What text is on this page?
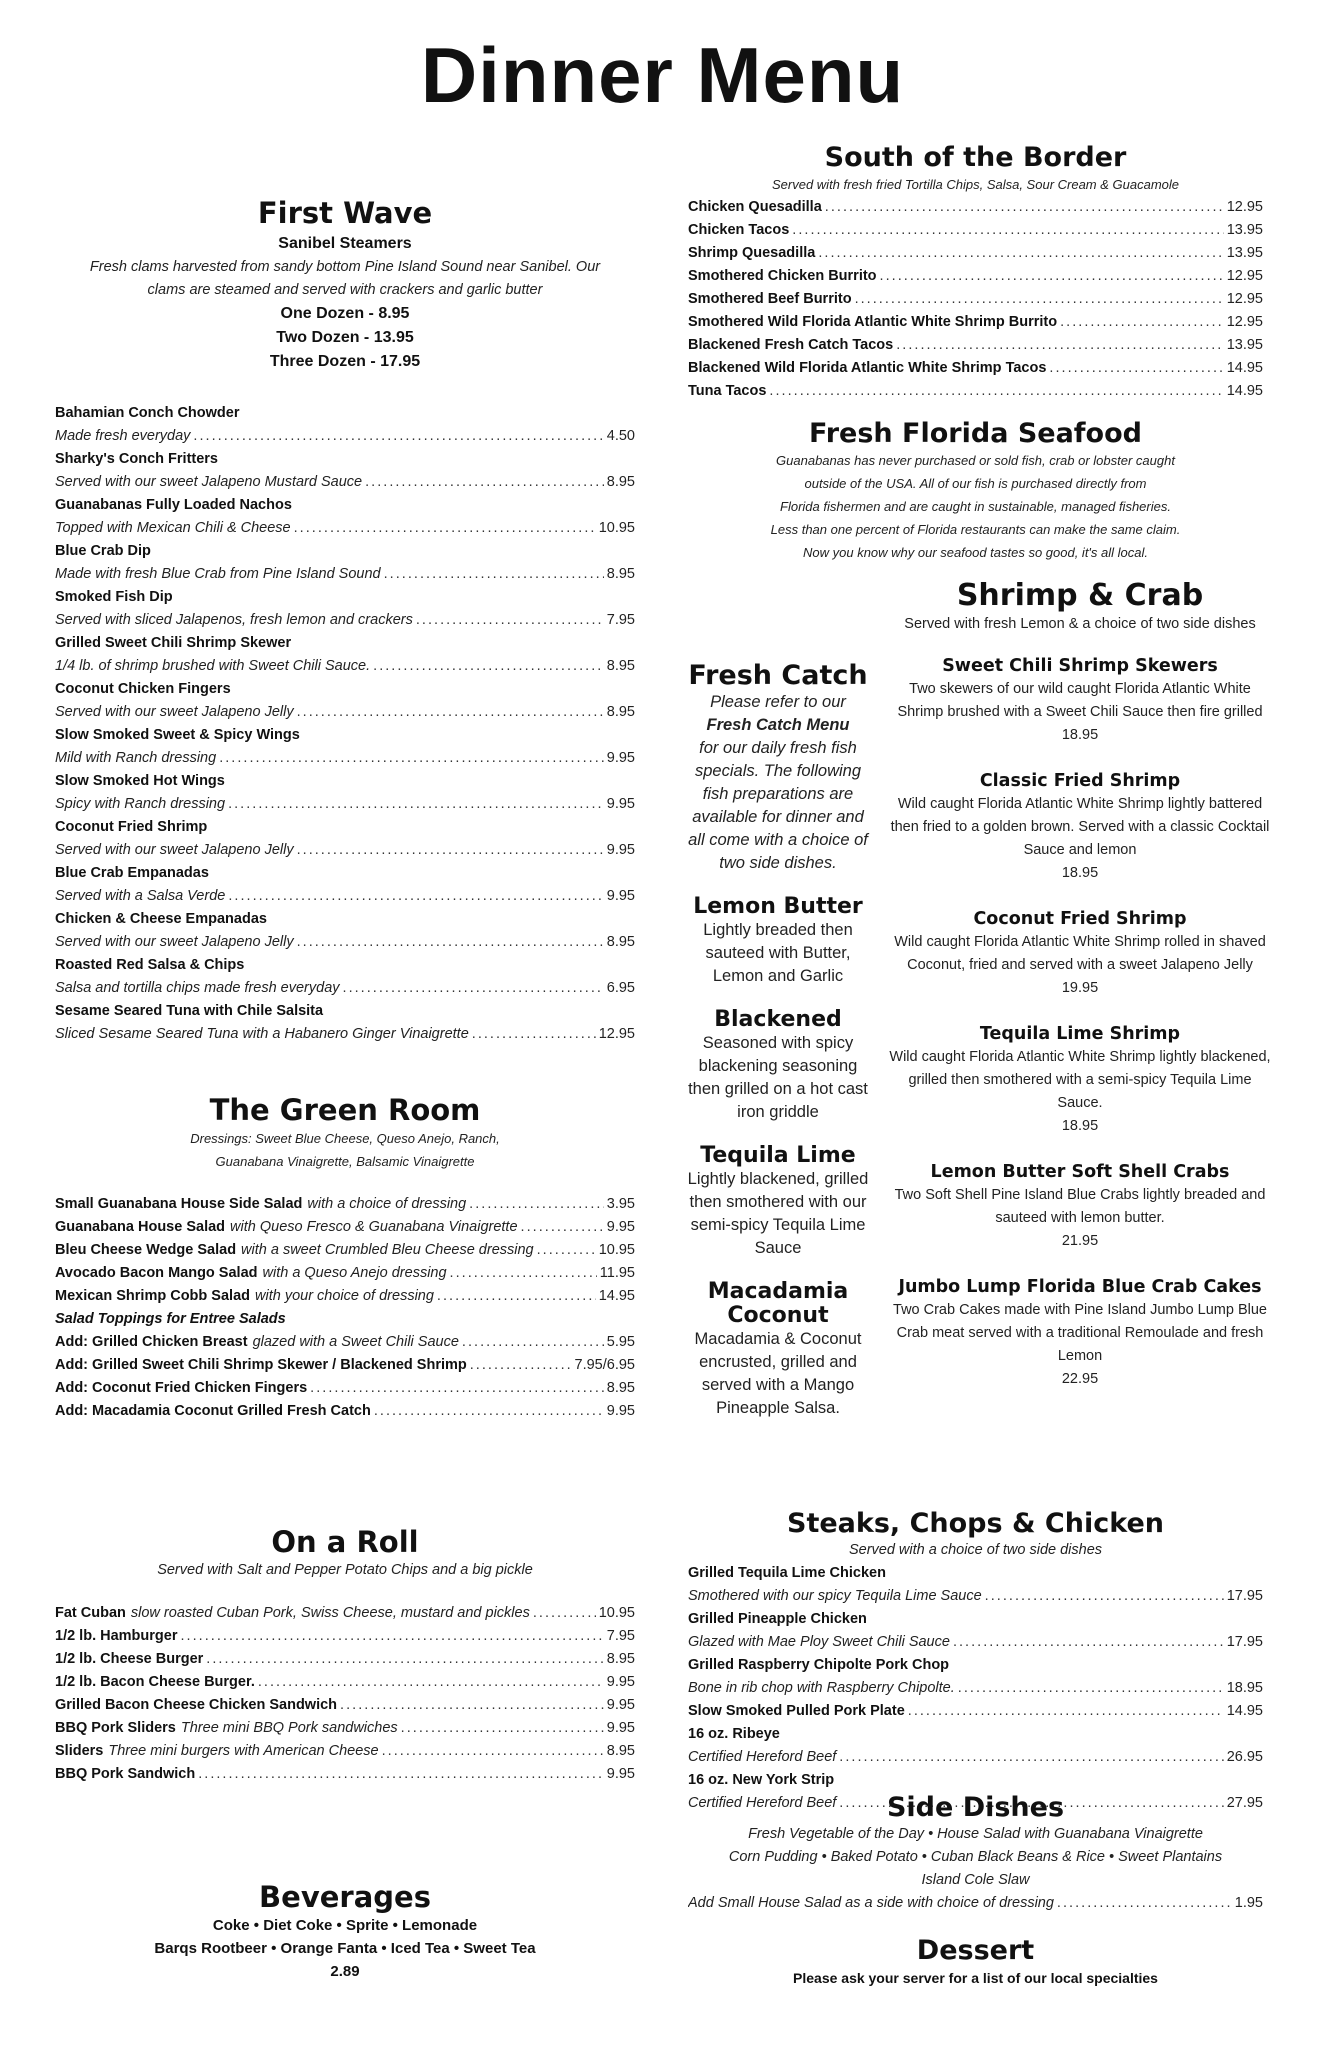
Dinner Menu
First Wave
Sanibel Steamers
Fresh clams harvested from sandy bottom Pine Island Sound near Sanibel. Our
clams are steamed and served with crackers and garlic butter
One Dozen - 8.95
Two Dozen - 13.95
Three Dozen - 17.95
Bahamian Conch Chowder
Made fresh everyday . . .	4.50
Sharky's Conch Fritters
Served with our sweet Jalapeno Mustard Sauce . . .	8.95
Guanabanas Fully Loaded Nachos
Topped with Mexican Chili & Cheese . . .	10.95
Blue Crab Dip
Made with fresh Blue Crab from Pine Island Sound . . .	8.95
Smoked Fish Dip
Served with sliced Jalapenos, fresh lemon and crackers . . .	7.95
Grilled Sweet Chili Shrimp Skewer
1/4 lb. of shrimp brushed with Sweet Chili Sauce. . . .	8.95
Coconut Chicken Fingers
Served with our sweet Jalapeno Jelly . . .	8.95
Slow Smoked Sweet & Spicy Wings
Mild with Ranch dressing . . .	9.95
Slow Smoked Hot Wings
Spicy with Ranch dressing . . .	9.95
Coconut Fried Shrimp
Served with our sweet Jalapeno Jelly . . .	9.95
Blue Crab Empanadas
Served with a Salsa Verde . . .	9.95
Chicken & Cheese Empanadas
Served with our sweet Jalapeno Jelly . . .	8.95
Roasted Red Salsa & Chips
Salsa and tortilla chips made fresh everyday . . .	6.95
Sesame Seared Tuna with Chile Salsita
Sliced Sesame Seared Tuna with a Habanero Ginger Vinaigrette . . .	12.95
The Green Room
Dressings: Sweet Blue Cheese, Queso Anejo, Ranch,
Guanabana Vinaigrette, Balsamic Vinaigrette
Small Guanabana House Side Salad with a choice of dressing . . .	3.95
Guanabana House Salad with Queso Fresco & Guanabana Vinaigrette . . .	9.95
Bleu Cheese Wedge Salad with a sweet Crumbled Bleu Cheese dressing . . .	10.95
Avocado Bacon Mango Salad with a Queso Anejo dressing . . .	11.95
Mexican Shrimp Cobb Salad with your choice of dressing . . .	14.95
Salad Toppings for Entree Salads
Add: Grilled Chicken Breast glazed with a Sweet Chili Sauce . . .	5.95
Add: Grilled Sweet Chili Shrimp Skewer / Blackened Shrimp . . .	7.95/6.95
Add: Coconut Fried Chicken Fingers . . .	8.95
Add: Macadamia Coconut Grilled Fresh Catch . . .	9.95
On a Roll
Served with Salt and Pepper Potato Chips and a big pickle
Fat Cuban slow roasted Cuban Pork, Swiss Cheese, mustard and pickles . . .	10.95
1/2 lb. Hamburger . . .	7.95
1/2 lb. Cheese Burger . . .	8.95
1/2 lb. Bacon Cheese Burger. . . .	9.95
Grilled Bacon Cheese Chicken Sandwich . . .	9.95
BBQ Pork Sliders Three mini BBQ Pork sandwiches . . .	9.95
Sliders Three mini burgers with American Cheese . . .	8.95
BBQ Pork Sandwich . . .	9.95
Beverages
Coke • Diet Coke • Sprite • Lemonade
Barqs Rootbeer • Orange Fanta • Iced Tea • Sweet Tea
2.89
South of the Border
Served with fresh fried Tortilla Chips, Salsa, Sour Cream & Guacamole
Chicken Quesadilla . . .	12.95
Chicken Tacos . . .	13.95
Shrimp Quesadilla . . .	13.95
Smothered Chicken Burrito . . .	12.95
Smothered Beef Burrito . . .	12.95
Smothered Wild Florida Atlantic White Shrimp Burrito . . .	12.95
Blackened Fresh Catch Tacos . . .	13.95
Blackened Wild Florida Atlantic White Shrimp Tacos . . .	14.95
Tuna Tacos . . .	14.95
Fresh Florida Seafood
Guanabanas has never purchased or sold fish, crab or lobster caught
outside of the USA. All of our fish is purchased directly from
Florida fishermen and are caught in sustainable, managed fisheries.
Less than one percent of Florida restaurants can make the same claim.
Now you know why our seafood tastes so good, it's all local.
Fresh Catch
Please refer to our
Fresh Catch Menu
for our daily fresh fish specials. The following fish preparations are available for dinner and all come with a choice of two side dishes.
Lemon Butter
Lightly breaded then sauteed with Butter, Lemon and Garlic
Blackened
Seasoned with spicy blackening seasoning then grilled on a hot cast iron griddle
Tequila Lime
Lightly blackened, grilled then smothered with our semi-spicy Tequila Lime Sauce
Macadamia Coconut
Macadamia & Coconut encrusted, grilled and served with a Mango Pineapple Salsa.
Shrimp & Crab
Served with fresh Lemon & a choice of two side dishes
Sweet Chili Shrimp Skewers
Two skewers of our wild caught Florida Atlantic White Shrimp brushed with a Sweet Chili Sauce then fire grilled
18.95
Classic Fried Shrimp
Wild caught Florida Atlantic White Shrimp lightly battered then fried to a golden brown. Served with a classic Cocktail Sauce and lemon
18.95
Coconut Fried Shrimp
Wild caught Florida Atlantic White Shrimp rolled in shaved Coconut, fried and served with a sweet Jalapeno Jelly
19.95
Tequila Lime Shrimp
Wild caught Florida Atlantic White Shrimp lightly blackened, grilled then smothered with a semi-spicy Tequila Lime Sauce.
18.95
Lemon Butter Soft Shell Crabs
Two Soft Shell Pine Island Blue Crabs lightly breaded and sauteed with lemon butter.
21.95
Jumbo Lump Florida Blue Crab Cakes
Two Crab Cakes made with Pine Island Jumbo Lump Blue Crab meat served with a traditional Remoulade and fresh Lemon
22.95
Steaks, Chops & Chicken
Served with a choice of two side dishes
Grilled Tequila Lime Chicken
Smothered with our spicy Tequila Lime Sauce . . .	17.95
Grilled Pineapple Chicken
Glazed with Mae Ploy Sweet Chili Sauce . . .	17.95
Grilled Raspberry Chipolte Pork Chop
Bone in rib chop with Raspberry Chipolte. . . .	18.95
Slow Smoked Pulled Pork Plate . . .	14.95
16 oz. Ribeye
Certified Hereford Beef . . .	26.95
16 oz. New York Strip
Certified Hereford Beef . . .	27.95
Side Dishes
Fresh Vegetable of the Day • House Salad with Guanabana Vinaigrette
Corn Pudding • Baked Potato • Cuban Black Beans & Rice • Sweet Plantains
Island Cole Slaw
Add Small House Salad as a side with choice of dressing . . .	1.95
Dessert
Please ask your server for a list of our local specialties
